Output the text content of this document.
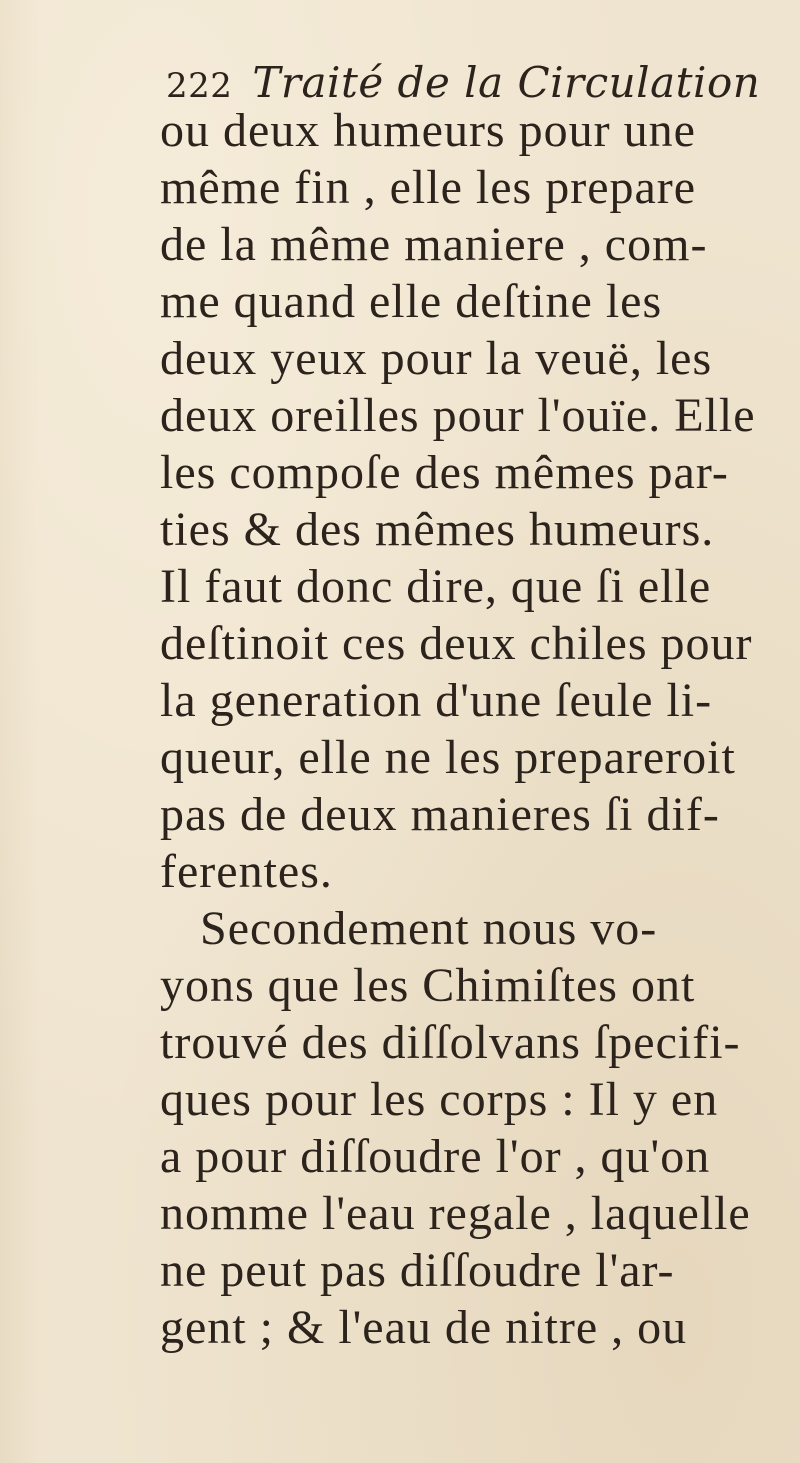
222 Traité de la Circulation
ou deux humeurs pour une
même fin , elle les prepare
de la même maniere , com-
me quand elle deſtine les
deux yeux pour la veuë, les
deux oreilles pour l'ouïe. Elle
les compoſe des mêmes par-
ties & des mêmes humeurs.
Il faut donc dire, que ſi elle
deſtinoit ces deux chiles pour
la generation d'une ſeule li-
queur, elle ne les prepareroit
pas de deux manieres ſi dif-
ferentes.
Secondement nous vo-
yons que les Chimiſtes ont
trouvé des diſſolvans ſpecifi-
ques pour les corps : Il y en
a pour diſſoudre l'or , qu'on
nomme l'eau regale , laquelle
ne peut pas diſſoudre l'ar-
gent ; & l'eau de nitre , ou
